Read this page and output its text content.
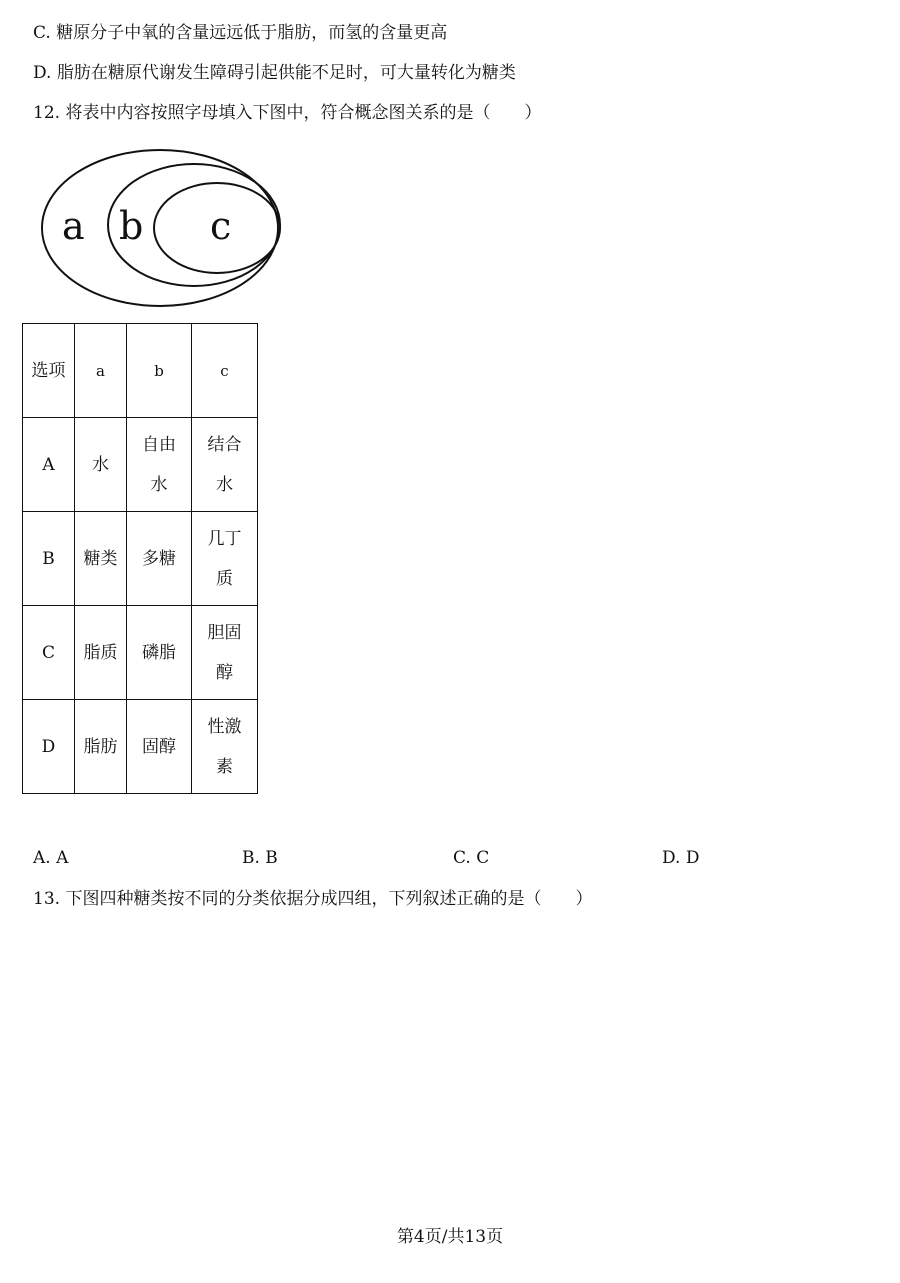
C. 糖原分子中氧的含量远远低于脂肪，而氢的含量更高
D. 脂肪在糖原代谢发生障碍引起供能不足时，可大量转化为糖类
12. 将表中内容按照字母填入下图中，符合概念图关系的是（　　）
a b c
选项	a	b	c
A	水	自由水	结合水
B	糖类	多糖	几丁质
C	脂质	磷脂	胆固醇
D	脂肪	固醇	性激素
A. A	B. B	C. C	D. D
13. 下图四种糖类按不同的分类依据分成四组，下列叙述正确的是（　　）
第4页/共13页
